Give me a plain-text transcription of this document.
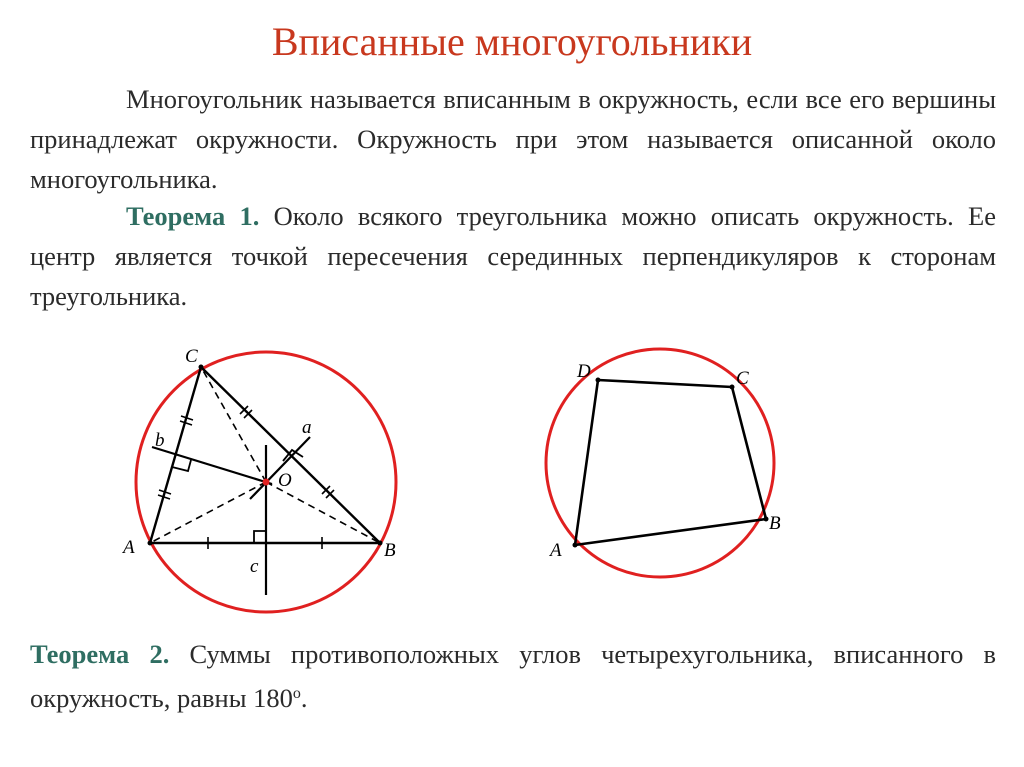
Вписанные многоугольники

Многоугольник называется вписанным в окружность, если все его вершины принадлежат окружности. Окружность при этом называется описанной около многоугольника.

Теорема 1. Около всякого треугольника можно описать окружность. Ее центр является точкой пересечения серединных перпендикуляров к сторонам треугольника.

A	B
C
O
a
b
c
A
B
C
D

Теорема 2. Суммы противоположных углов четырехугольника, вписанного в окружность, равны $180^о$.
